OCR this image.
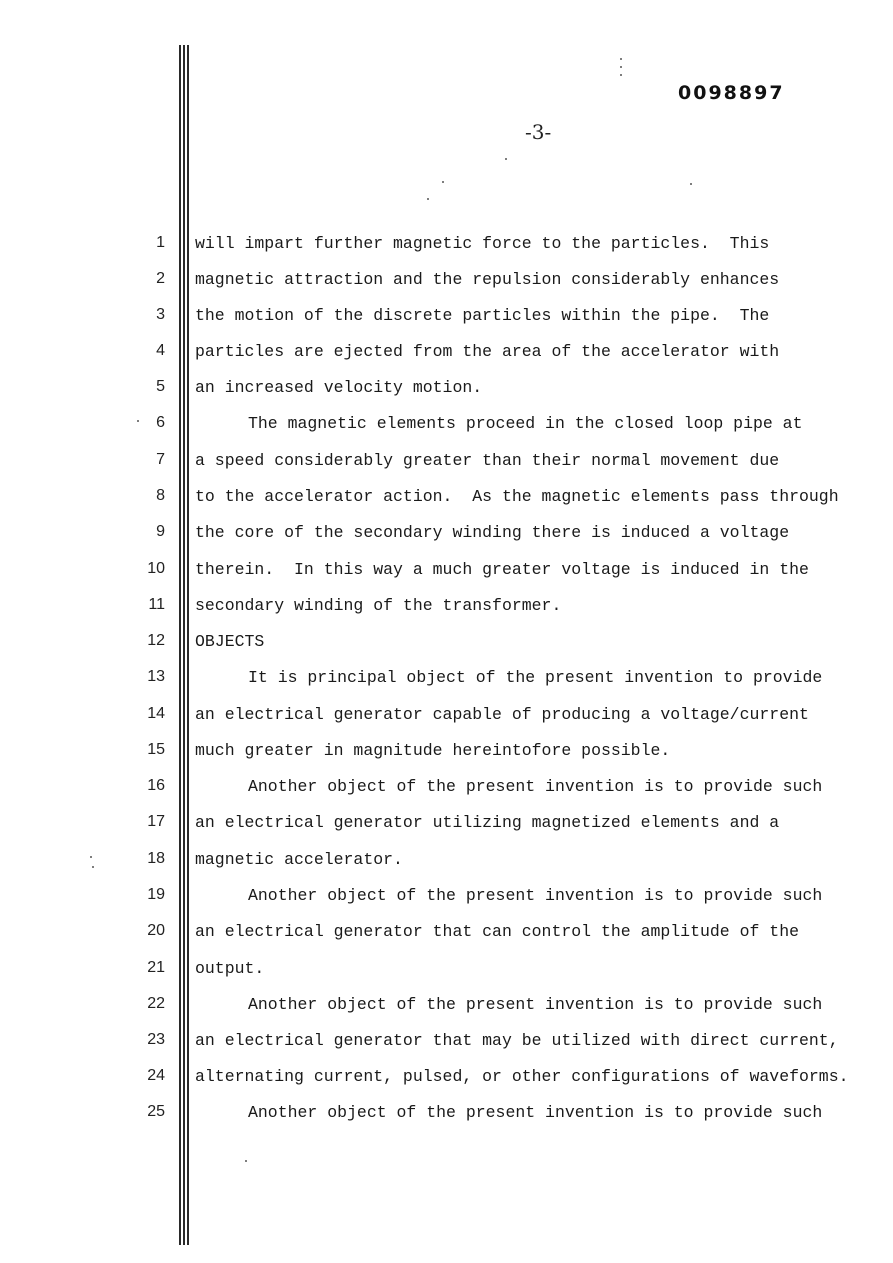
0098897
-3-
1
2
3
4
5
6
7
8
9
10
11
12
13
14
15
16
17
18
19
20
21
22
23
24
25
will impart further magnetic force to the particles.  This
magnetic attraction and the repulsion considerably enhances
the motion of the discrete particles within the pipe.  The
particles are ejected from the area of the accelerator with
an increased velocity motion.
The magnetic elements proceed in the closed loop pipe at
a speed considerably greater than their normal movement due
to the accelerator action.  As the magnetic elements pass through
the core of the secondary winding there is induced a voltage
therein.  In this way a much greater voltage is induced in the
secondary winding of the transformer.
OBJECTS
It is principal object of the present invention to provide
an electrical generator capable of producing a voltage/current
much greater in magnitude hereintofore possible.
Another object of the present invention is to provide such
an electrical generator utilizing magnetized elements and a
magnetic accelerator.
Another object of the present invention is to provide such
an electrical generator that can control the amplitude of the
output.
Another object of the present invention is to provide such
an electrical generator that may be utilized with direct current,
alternating current, pulsed, or other configurations of waveforms.
Another object of the present invention is to provide such
